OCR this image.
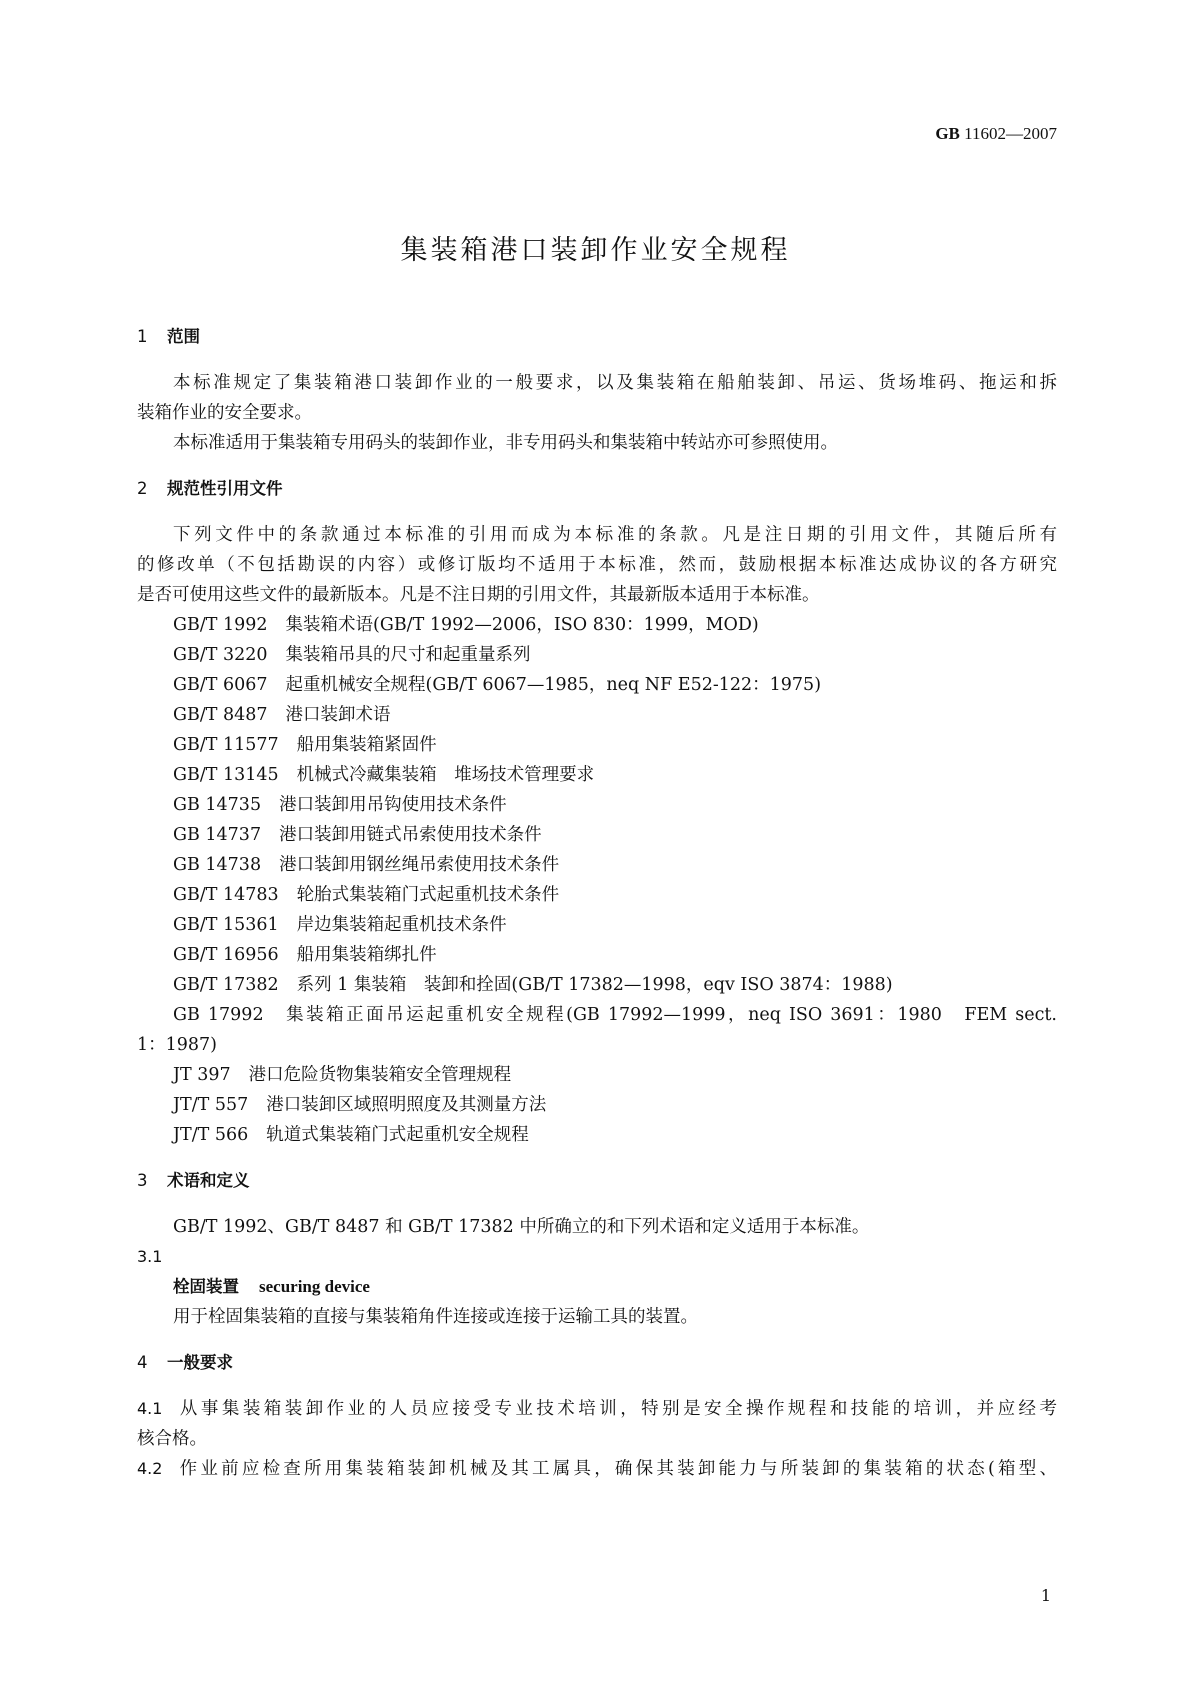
GB 11602—2007
集装箱港口装卸作业安全规程
1 范围
本标准规定了集装箱港口装卸作业的一般要求，以及集装箱在船舶装卸、吊运、货场堆码、拖运和拆
装箱作业的安全要求。
本标准适用于集装箱专用码头的装卸作业，非专用码头和集装箱中转站亦可参照使用。
2 规范性引用文件
下列文件中的条款通过本标准的引用而成为本标准的条款。凡是注日期的引用文件，其随后所有
的修改单（不包括勘误的内容）或修订版均不适用于本标准，然而，鼓励根据本标准达成协议的各方研究
是否可使用这些文件的最新版本。凡是不注日期的引用文件，其最新版本适用于本标准。
GB/T 1992 集装箱术语(GB/T 1992—2006，ISO 830：1999，MOD)
GB/T 3220 集装箱吊具的尺寸和起重量系列
GB/T 6067 起重机械安全规程(GB/T 6067—1985，neq NF E52-122：1975)
GB/T 8487 港口装卸术语
GB/T 11577 船用集装箱紧固件
GB/T 13145 机械式冷藏集装箱　堆场技术管理要求
GB 14735 港口装卸用吊钩使用技术条件
GB 14737 港口装卸用链式吊索使用技术条件
GB 14738 港口装卸用钢丝绳吊索使用技术条件
GB/T 14783 轮胎式集装箱门式起重机技术条件
GB/T 15361 岸边集装箱起重机技术条件
GB/T 16956 船用集装箱绑扎件
GB/T 17382 系列 1 集装箱　装卸和拴固(GB/T 17382—1998，eqv ISO 3874：1988)
GB 17992　集装箱正面吊运起重机安全规程(GB 17992—1999，neq ISO 3691：1980　FEM sect.
1：1987)
JT 397 港口危险货物集装箱安全管理规程
JT/T 557 港口装卸区域照明照度及其测量方法
JT/T 566 轨道式集装箱门式起重机安全规程
3 术语和定义
GB/T 1992、GB/T 8487 和 GB/T 17382 中所确立的和下列术语和定义适用于本标准。
3.1
栓固装置 securing device
用于栓固集装箱的直接与集装箱角件连接或连接于运输工具的装置。
4 一般要求
4.1 从事集装箱装卸作业的人员应接受专业技术培训，特别是安全操作规程和技能的培训，并应经考
核合格。
4.2 作业前应检查所用集装箱装卸机械及其工属具，确保其装卸能力与所装卸的集装箱的状态(箱型、
1
